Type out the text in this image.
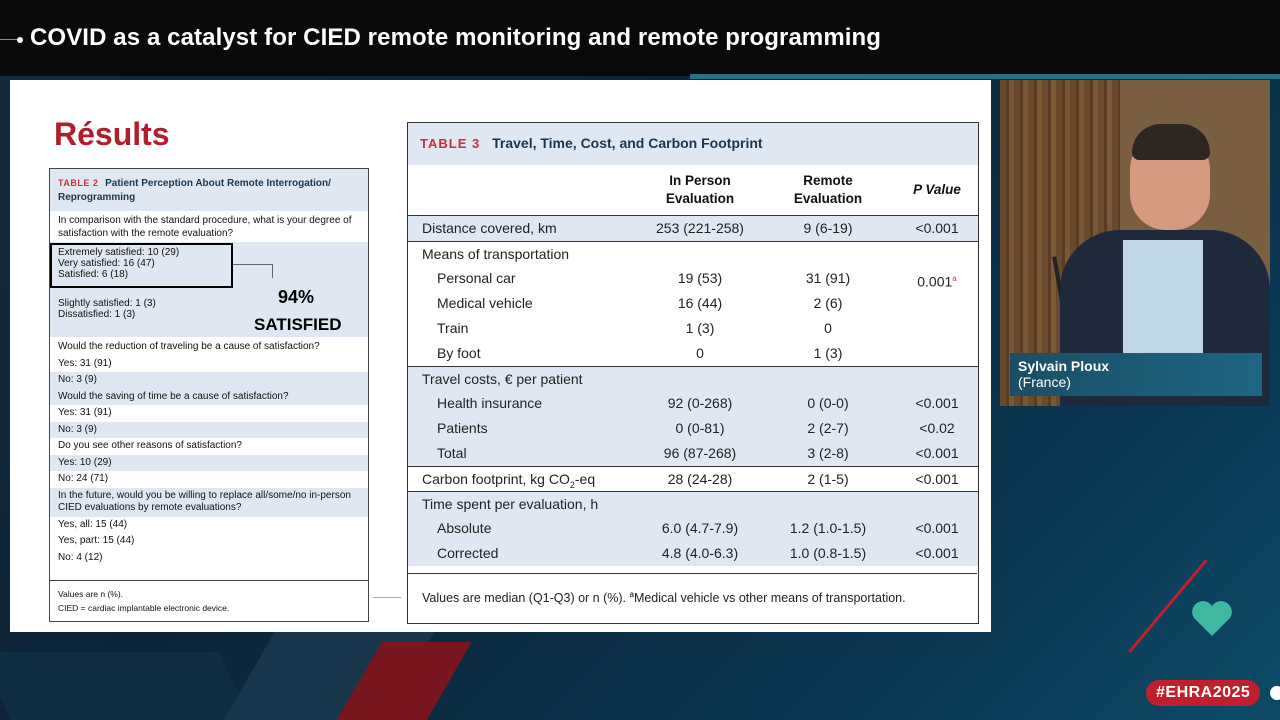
COVID as a catalyst for CIED remote monitoring and remote programming
Résults
TABLE 2 Patient Perception About Remote Interrogation/ Reprogramming
In comparison with the standard procedure, what is your degree of satisfaction with the remote evaluation?
Extremely satisfied: 10 (29)
Very satisfied: 16 (47)
Satisfied: 6 (18)
Slightly satisfied: 1 (3)
Dissatisfied: 1 (3)
Would the reduction of traveling be a cause of satisfaction?
Yes: 31 (91)
No: 3 (9)
Would the saving of time be a cause of satisfaction?
Yes: 31 (91)
No: 3 (9)
Do you see other reasons of satisfaction?
Yes: 10 (29)
No: 24 (71)
In the future, would you be willing to replace all/some/no in-person CIED evaluations by remote evaluations?
Yes, all: 15 (44)
Yes, part: 15 (44)
No: 4 (12)
94%
SATISFIED
Values are n (%).
CIED = cardiac implantable electronic device.
TABLE 3 Travel, Time, Cost, and Carbon Footprint
In Person
Evaluation
Remote
Evaluation
P Value
Distance covered, km	253 (221-258)	9 (6-19)	<0.001
Means of transportation
Personal car	19 (53)	31 (91)	0.001$^a$
Medical vehicle	16 (44)	2 (6)
Train	1 (3)	0
By foot	0	1 (3)
Travel costs, € per patient
Health insurance	92 (0-268)	0 (0-0)	<0.001
Patients	0 (0-81)	2 (2-7)	<0.02
Total	96 (87-268)	3 (2-8)	<0.001
Carbon footprint, kg $CO_2-eq$	28 (24-28)	2 (1-5)	<0.001
Time spent per evaluation, h
Absolute	6.0 (4.7-7.9)	1.2 (1.0-1.5)	<0.001
Corrected	4.8 (4.0-6.3)	1.0 (0.8-1.5)	<0.001
Values are median (Q1-Q3) or n (%). $^a$Medical vehicle vs other means of transportation.
Sylvain Ploux
(France)
#EHRA2025
